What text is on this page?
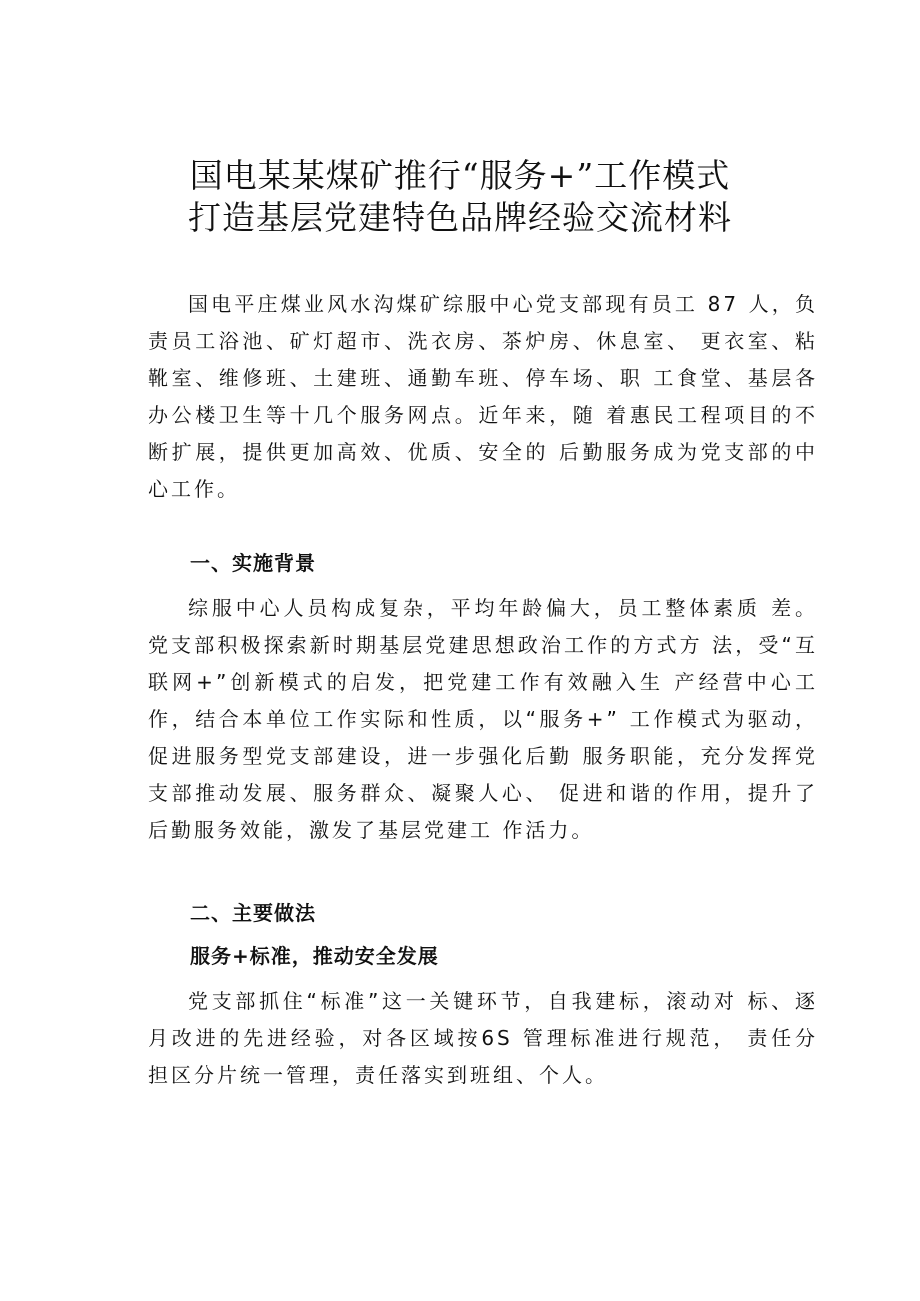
国电某某煤矿推行“服务+”工作模式
打造基层党建特色品牌经验交流材料

国电平庄煤业风水沟煤矿综服中心党支部现有员工 87 人，负责员工浴池、矿灯超市、洗衣房、茶炉房、休息室、 更衣室、粘靴室、维修班、土建班、通勤车班、停车场、职 工食堂、基层各办公楼卫生等十几个服务网点。近年来，随 着惠民工程项目的不断扩展，提供更加高效、优质、安全的 后勤服务成为党支部的中心工作。

一、实施背景

综服中心人员构成复杂，平均年龄偏大，员工整体素质 差。党支部积极探索新时期基层党建思想政治工作的方式方 法，受“互联网+”创新模式的启发，把党建工作有效融入生 产经营中心工作，结合本单位工作实际和性质，以“服务+” 工作模式为驱动，促进服务型党支部建设，进一步强化后勤 服务职能，充分发挥党支部推动发展、服务群众、凝聚人心、 促进和谐的作用，提升了后勤服务效能，激发了基层党建工 作活力。

二、主要做法

服务+标准，推动安全发展

党支部抓住“标准”这一关键环节，自我建标，滚动对 标、逐月改进的先进经验，对各区域按6S 管理标准进行规范， 责任分担区分片统一管理，责任落实到班组、个人。
